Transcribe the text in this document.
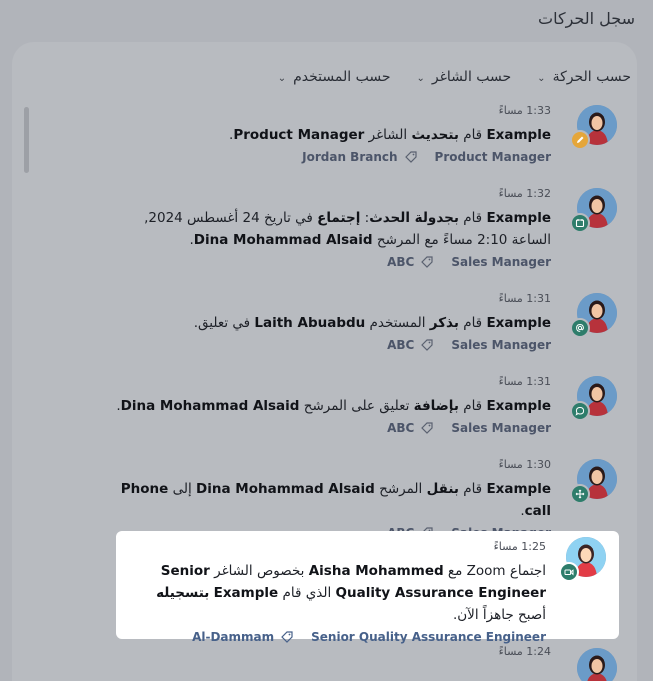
سجل الحركات
حسب الحركة
⌄
حسب الشاغر
⌄
حسب المستخدم
⌄
1:33 مساءً
Example قام بتحديث الشاغر Product Manager.
Product Manager
Jordan Branch
1:32 مساءً
Example قام بجدولة الحدث: إجتماع في تاريخ 24 أغسطس 2024, الساعة 2:10 مساءً مع المرشح Dina Mohammad Alsaid.
Sales Manager
ABC
1:31 مساءً
Example قام بذكر المستخدم Laith Abuabdu في تعليق.
Sales Manager
ABC
1:31 مساءً
Example قام بإضافة تعليق على المرشح Dina Mohammad Alsaid.
Sales Manager
ABC
1:30 مساءً
Example قام بنقل المرشح Dina Mohammad Alsaid إلى Phone call.
1:25 مساءً
اجتماع Zoom مع Aisha Mohammed بخصوص الشاغر Senior Quality Assurance Engineer الذي قام Example بتسجيله أصبح جاهزاً الآن.
Senior Quality Assurance Engineer
Al-Dammam
1:24 مساءً
